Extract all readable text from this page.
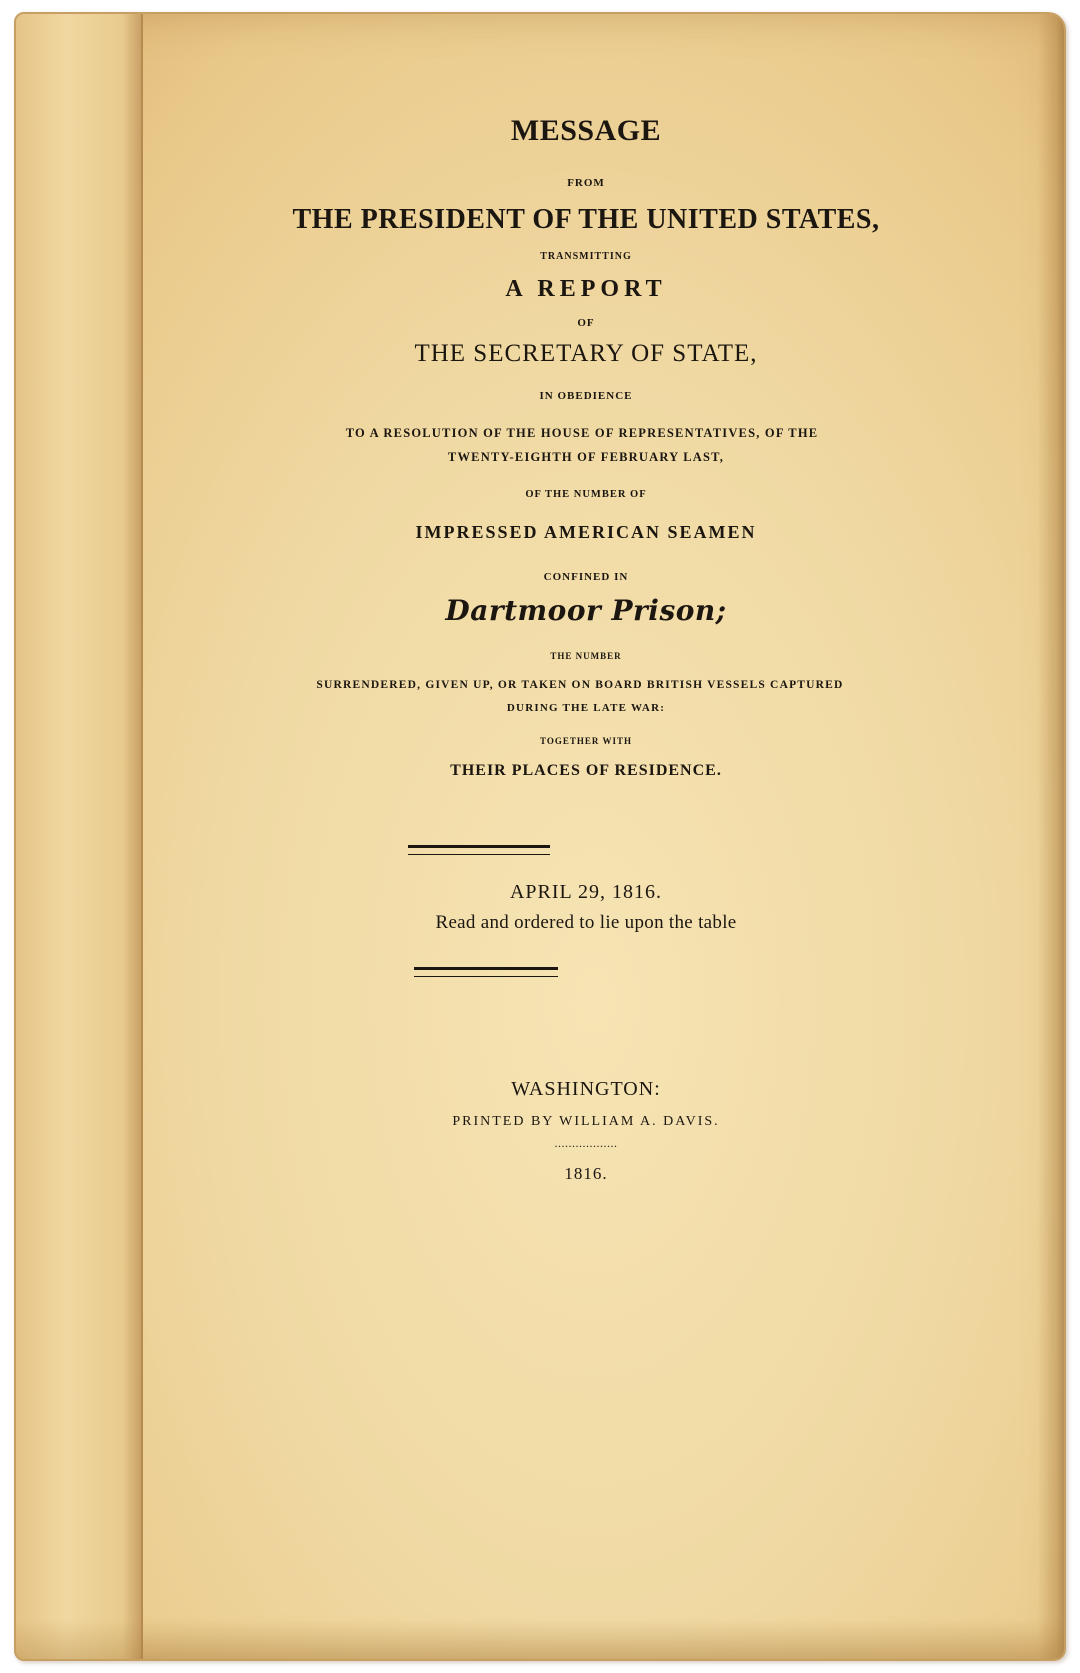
MESSAGE
FROM
THE PRESIDENT OF THE UNITED STATES,
TRANSMITTING
A REPORT
OF
THE SECRETARY OF STATE,
IN OBEDIENCE
TO A RESOLUTION OF THE HOUSE OF REPRESENTATIVES, OF THE
TWENTY-EIGHTH OF FEBRUARY LAST,
OF THE NUMBER OF
IMPRESSED AMERICAN SEAMEN
CONFINED IN
Dartmoor Prison;
THE NUMBER
SURRENDERED, GIVEN UP, OR TAKEN ON BOARD BRITISH VESSELS CAPTURED
DURING THE LATE WAR:
TOGETHER WITH
THEIR PLACES OF RESIDENCE.
APRIL 29, 1816.
Read and ordered to lie upon the table
WASHINGTON:
PRINTED BY WILLIAM A. DAVIS.
..................
1816.
